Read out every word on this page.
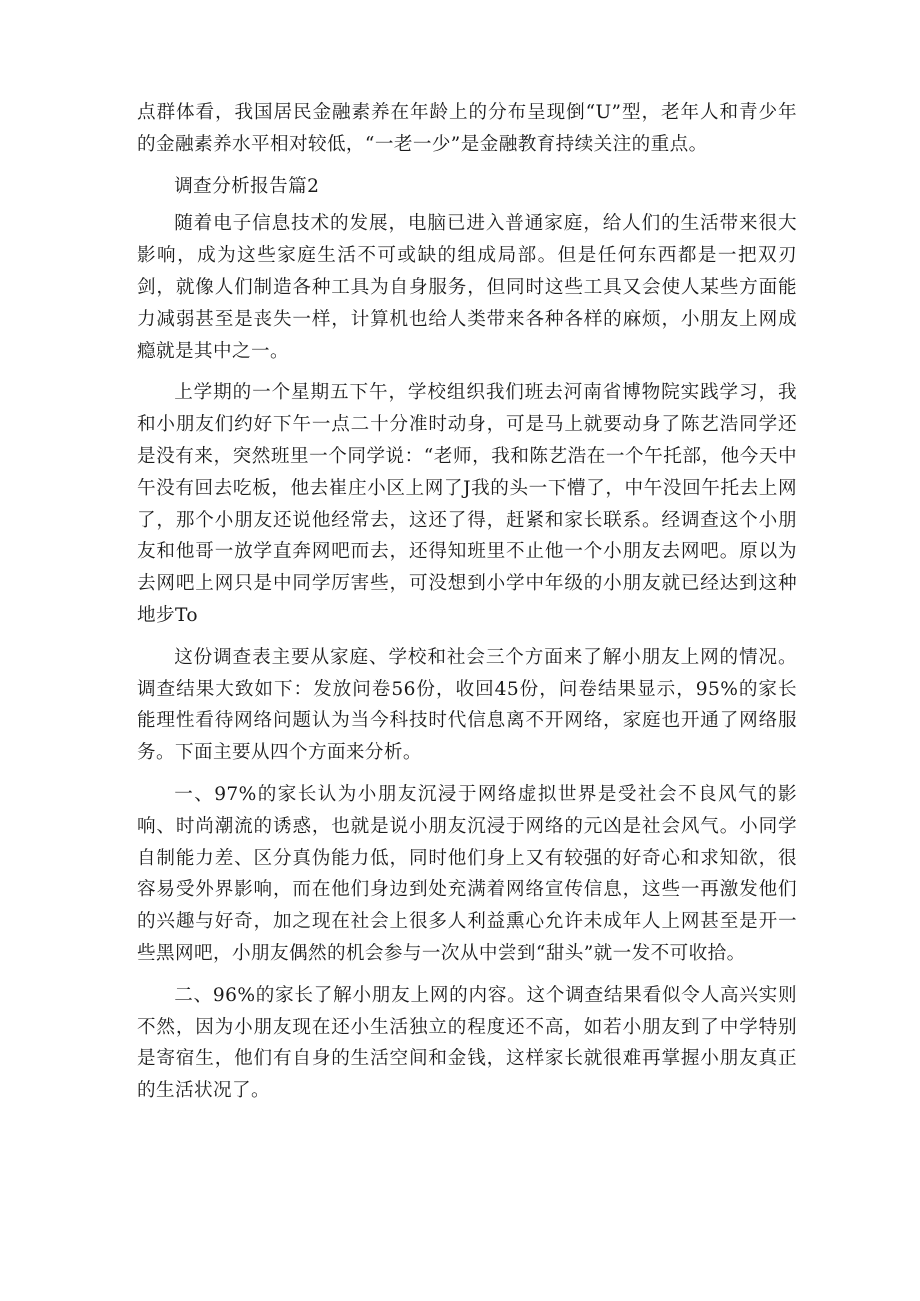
点群体看，我国居民金融素养在年龄上的分布呈现倒“U”型，老年人和青少年的金融素养水平相对较低，“一老一少”是金融教育持续关注的重点。

调查分析报告篇2

随着电子信息技术的发展，电脑已进入普通家庭，给人们的生活带来很大影响，成为这些家庭生活不可或缺的组成局部。但是任何东西都是一把双刃剑，就像人们制造各种工具为自身服务，但同时这些工具又会使人某些方面能力减弱甚至是丧失一样，计算机也给人类带来各种各样的麻烦，小朋友上网成瘾就是其中之一。

上学期的一个星期五下午，学校组织我们班去河南省博物院实践学习，我和小朋友们约好下午一点二十分准时动身，可是马上就要动身了陈艺浩同学还是没有来，突然班里一个同学说：“老师，我和陈艺浩在一个午托部，他今天中午没有回去吃板，他去崔庄小区上网了J我的头一下懵了，中午没回午托去上网了，那个小朋友还说他经常去，这还了得，赶紧和家长联系。经调查这个小朋友和他哥一放学直奔网吧而去，还得知班里不止他一个小朋友去网吧。原以为去网吧上网只是中同学厉害些，可没想到小学中年级的小朋友就已经达到这种地步To

这份调查表主要从家庭、学校和社会三个方面来了解小朋友上网的情况。调查结果大致如下：发放问卷56份，收回45份，问卷结果显示，95%的家长能理性看待网络问题认为当今科技时代信息离不开网络，家庭也开通了网络服务。下面主要从四个方面来分析。

一、97%的家长认为小朋友沉浸于网络虚拟世界是受社会不良风气的影响、时尚潮流的诱惑，也就是说小朋友沉浸于网络的元凶是社会风气。小同学自制能力差、区分真伪能力低，同时他们身上又有较强的好奇心和求知欲，很容易受外界影响，而在他们身边到处充满着网络宣传信息，这些一再激发他们的兴趣与好奇，加之现在社会上很多人利益熏心允许未成年人上网甚至是开一些黑网吧，小朋友偶然的机会参与一次从中尝到“甜头”就一发不可收拾。

二、96%的家长了解小朋友上网的内容。这个调查结果看似令人高兴实则不然，因为小朋友现在还小生活独立的程度还不高，如若小朋友到了中学特别是寄宿生，他们有自身的生活空间和金钱，这样家长就很难再掌握小朋友真正的生活状况了。
